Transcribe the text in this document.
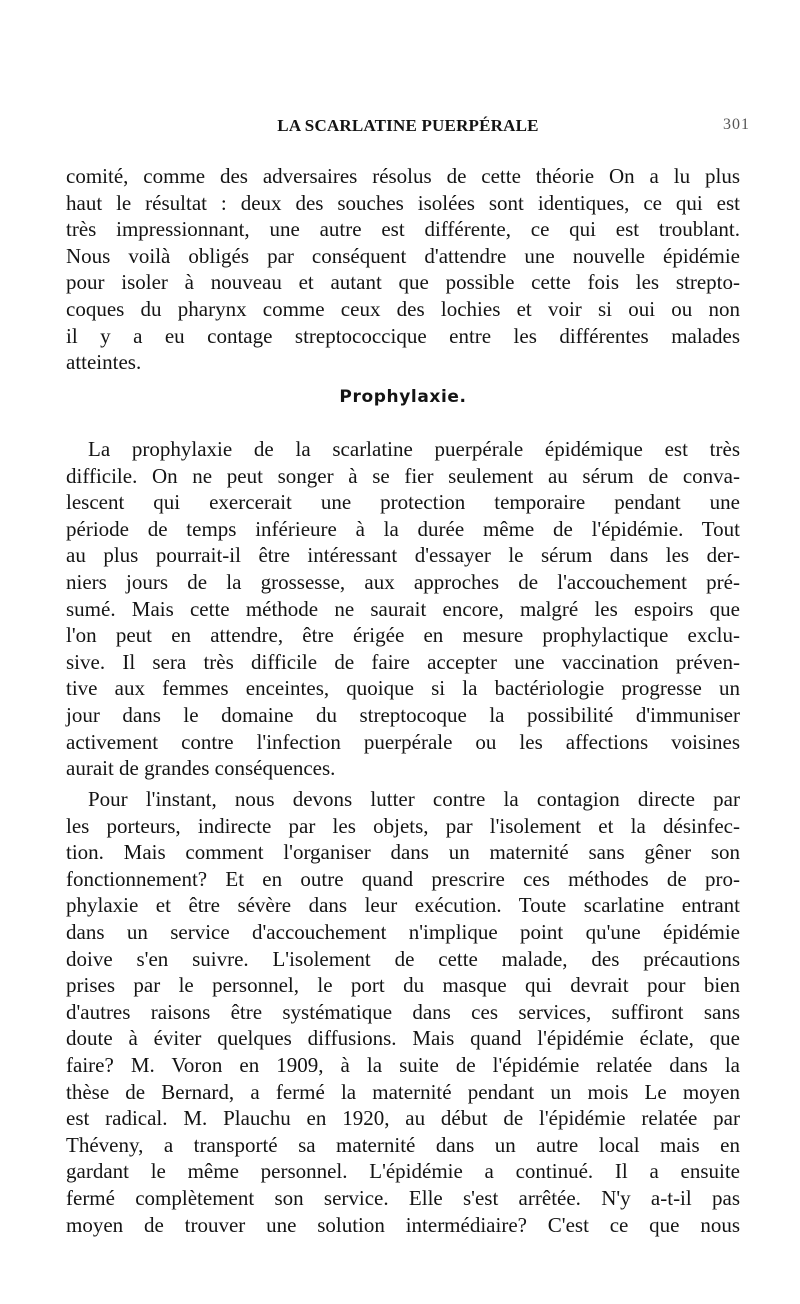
LA SCARLATINE PUERPÉRALE	301
comité, comme des adversaires résolus de cette théorie On a lu plus
haut le résultat : deux des souches isolées sont identiques, ce qui est
très impressionnant, une autre est différente, ce qui est troublant.
Nous voilà obligés par conséquent d'attendre une nouvelle épidémie
pour isoler à nouveau et autant que possible cette fois les strepto-
coques du pharynx comme ceux des lochies et voir si oui ou non
il y a eu contage streptococcique entre les différentes malades
atteintes.
Prophylaxie.
La prophylaxie de la scarlatine puerpérale épidémique est très
difficile. On ne peut songer à se fier seulement au sérum de conva-
lescent qui exercerait une protection temporaire pendant une
période de temps inférieure à la durée même de l'épidémie. Tout
au plus pourrait-il être intéressant d'essayer le sérum dans les der-
niers jours de la grossesse, aux approches de l'accouchement pré-
sumé. Mais cette méthode ne saurait encore, malgré les espoirs que
l'on peut en attendre, être érigée en mesure prophylactique exclu-
sive. Il sera très difficile de faire accepter une vaccination préven-
tive aux femmes enceintes, quoique si la bactériologie progresse un
jour dans le domaine du streptocoque la possibilité d'immuniser
activement contre l'infection puerpérale ou les affections voisines
aurait de grandes conséquences.
Pour l'instant, nous devons lutter contre la contagion directe par
les porteurs, indirecte par les objets, par l'isolement et la désinfec-
tion. Mais comment l'organiser dans un maternité sans gêner son
fonctionnement? Et en outre quand prescrire ces méthodes de pro-
phylaxie et être sévère dans leur exécution. Toute scarlatine entrant
dans un service d'accouchement n'implique point qu'une épidémie
doive s'en suivre. L'isolement de cette malade, des précautions
prises par le personnel, le port du masque qui devrait pour bien
d'autres raisons être systématique dans ces services, suffiront sans
doute à éviter quelques diffusions. Mais quand l'épidémie éclate, que
faire? M. Voron en 1909, à la suite de l'épidémie relatée dans la
thèse de Bernard, a fermé la maternité pendant un mois Le moyen
est radical. M. Plauchu en 1920, au début de l'épidémie relatée par
Théveny, a transporté sa maternité dans un autre local mais en
gardant le même personnel. L'épidémie a continué. Il a ensuite
fermé complètement son service. Elle s'est arrêtée. N'y a-t-il pas
moyen de trouver une solution intermédiaire? C'est ce que nous
